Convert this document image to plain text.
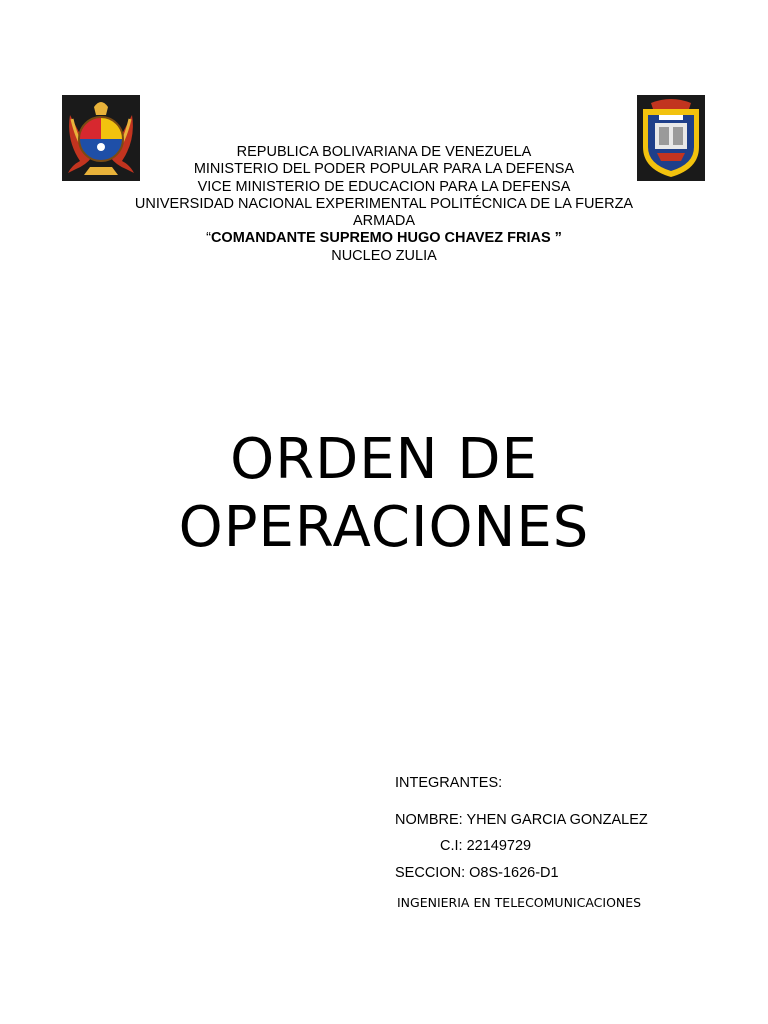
REPUBLICA BOLIVARIANA DE VENEZUELA
MINISTERIO DEL PODER POPULAR PARA LA DEFENSA
VICE MINISTERIO DE EDUCACION PARA LA DEFENSA
UNIVERSIDAD NACIONAL EXPERIMENTAL POLITÉCNICA DE LA FUERZA ARMADA
“COMANDANTE SUPREMO HUGO CHAVEZ FRIAS ”
NUCLEO ZULIA
ORDEN DE
OPERACIONES
INTEGRANTES:
NOMBRE: YHEN GARCIA GONZALEZ
C.I: 22149729
SECCION: O8S-1626-D1
INGENIERIA EN TELECOMUNICACIONES
